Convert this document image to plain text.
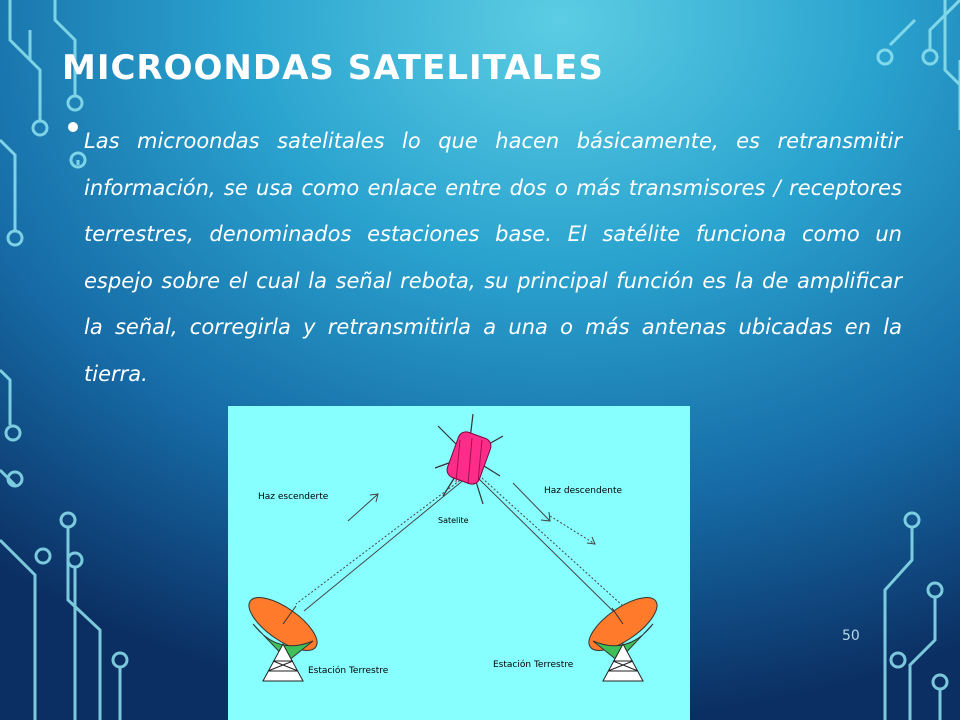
MICROONDAS SATELITALES

Las microondas satelitales lo que hacen básicamente, es retransmitir información, se usa como enlace entre dos o más transmisores / receptores terrestres, denominados estaciones base. El satélite funciona como un espejo sobre el cual la señal rebota, su principal función es la de amplificar la señal, corregirla y retransmitirla a una o más antenas ubicadas en la tierra.

Haz escenderte
Haz descendente
Satelite
Estación Terrestre
Estación Terrestre
50
